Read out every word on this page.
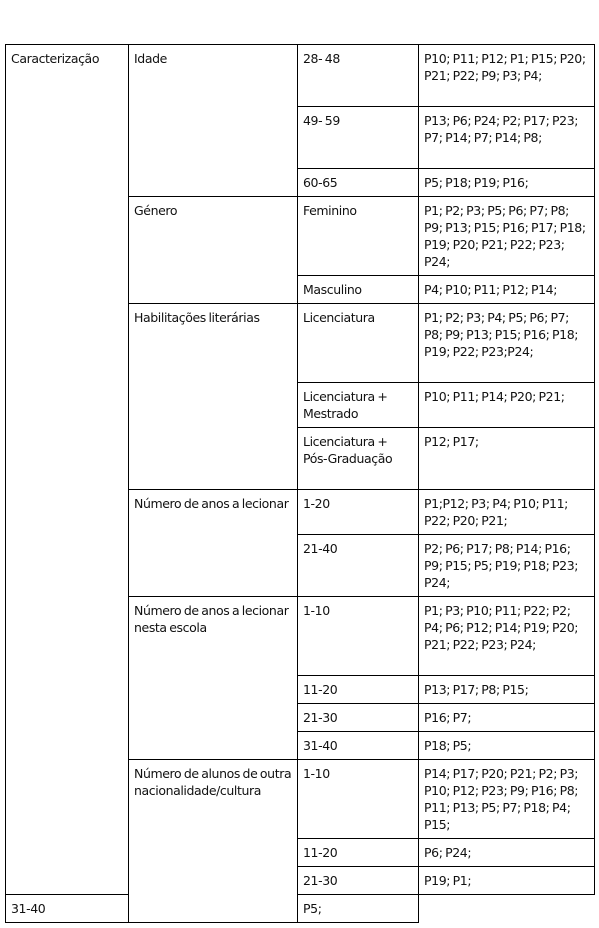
Caracterização	Idade	28- 48	P10; P11; P12; P1; P15; P20; P21; P22; P9; P3; P4;
		49- 59	P13; P6; P24; P2; P17; P23; P7; P14; P7; P14; P8;
		60-65	P5; P18; P19; P16;
	Género	Feminino	P1; P2; P3; P5; P6; P7; P8; P9; P13; P15; P16; P17; P18; P19; P20; P21; P22; P23; P24;
		Masculino	P4; P10; P11; P12; P14;
	Habilitações literárias	Licenciatura	P1; P2; P3; P4; P5; P6; P7; P8; P9; P13; P15; P16; P18; P19; P22; P23;P24;
		Licenciatura + Mestrado	P10; P11; P14; P20; P21;
		Licenciatura + Pós-Graduação	P12; P17;
	Número de anos a lecionar	1-20	P1;P12; P3; P4; P10; P11; P22; P20; P21;
		21-40	P2; P6; P17; P8; P14; P16; P9; P15; P5; P19; P18; P23; P24;
	Número de anos a lecionar nesta escola	1-10	P1; P3; P10; P11; P22; P2; P4; P6; P12; P14; P19; P20; P21; P22; P23; P24;
		11-20	P13; P17; P8; P15;
		21-30	P16; P7;
		31-40	P18; P5;
	Número de alunos de outra nacionalidade/cultura	1-10	P14; P17; P20; P21; P2; P3; P10; P12; P23; P9; P16; P8; P11; P13; P5; P7; P18; P4; P15;
		11-20	P6; P24;
		21-30	P19; P1;
31-40		P5;	
